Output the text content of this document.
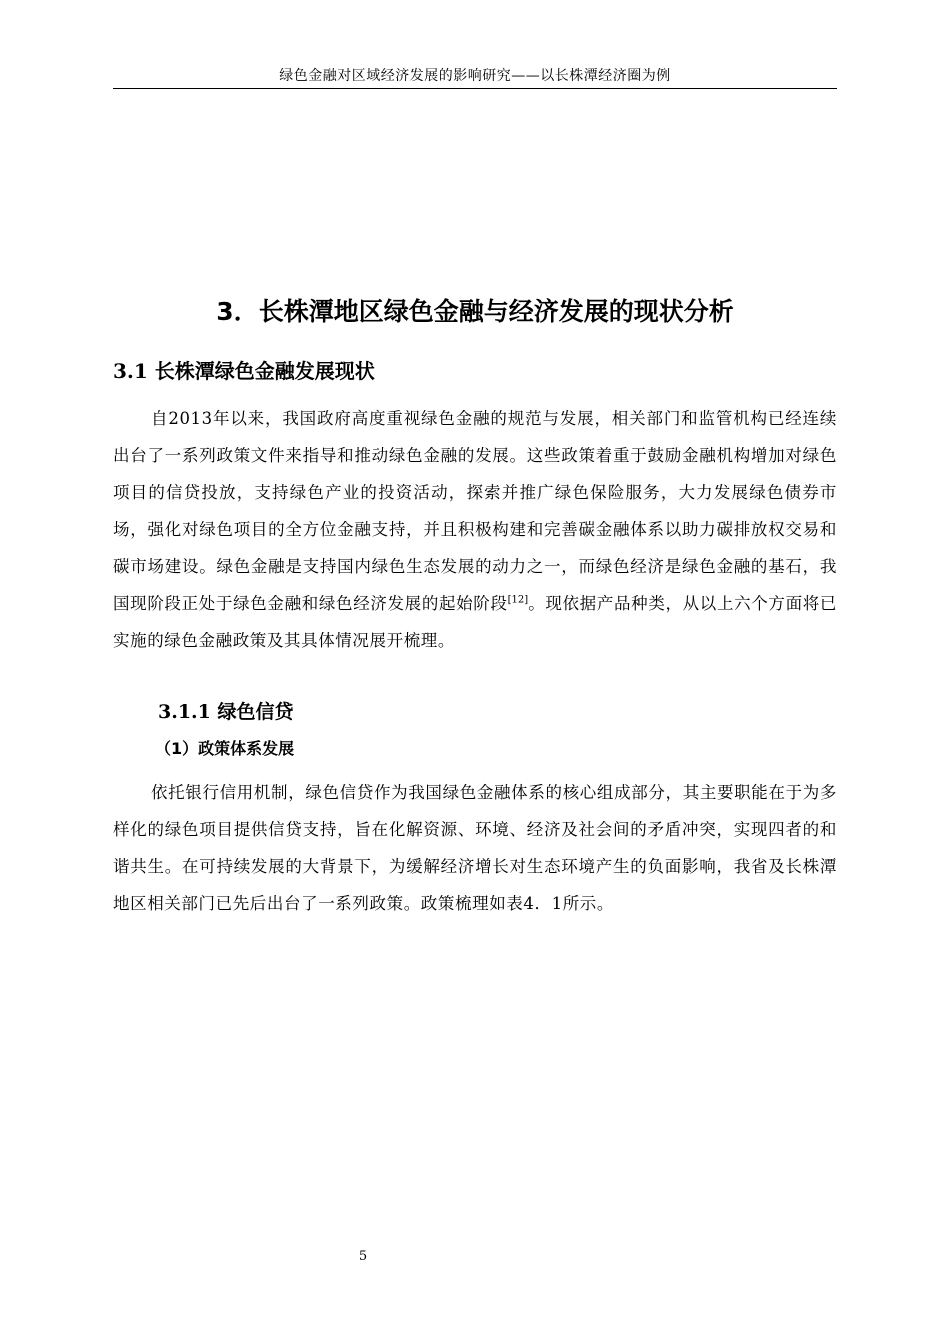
绿色金融对区域经济发展的影响研究——以长株潭经济圈为例
3．长株潭地区绿色金融与经济发展的现状分析
3.1 长株潭绿色金融发展现状

自2013年以来，我国政府高度重视绿色金融的规范与发展，相关部门和监管机构已经连续出台了一系列政策文件来指导和推动绿色金融的发展。这些政策着重于鼓励金融机构增加对绿色项目的信贷投放，支持绿色产业的投资活动，探索并推广绿色保险服务，大力发展绿色债券市场，强化对绿色项目的全方位金融支持，并且积极构建和完善碳金融体系以助力碳排放权交易和碳市场建设。绿色金融是支持国内绿色生态发展的动力之一，而绿色经济是绿色金融的基石，我国现阶段正处于绿色金融和绿色经济发展的起始阶段[12]。现依据产品种类，从以上六个方面将已实施的绿色金融政策及其具体情况展开梳理。

3.1.1 绿色信贷
（1）政策体系发展

依托银行信用机制，绿色信贷作为我国绿色金融体系的核心组成部分，其主要职能在于为多样化的绿色项目提供信贷支持，旨在化解资源、环境、经济及社会间的矛盾冲突，实现四者的和谐共生。在可持续发展的大背景下，为缓解经济增长对生态环境产生的负面影响，我省及长株潭地区相关部门已先后出台了一系列政策。政策梳理如表4．1所示。

5
